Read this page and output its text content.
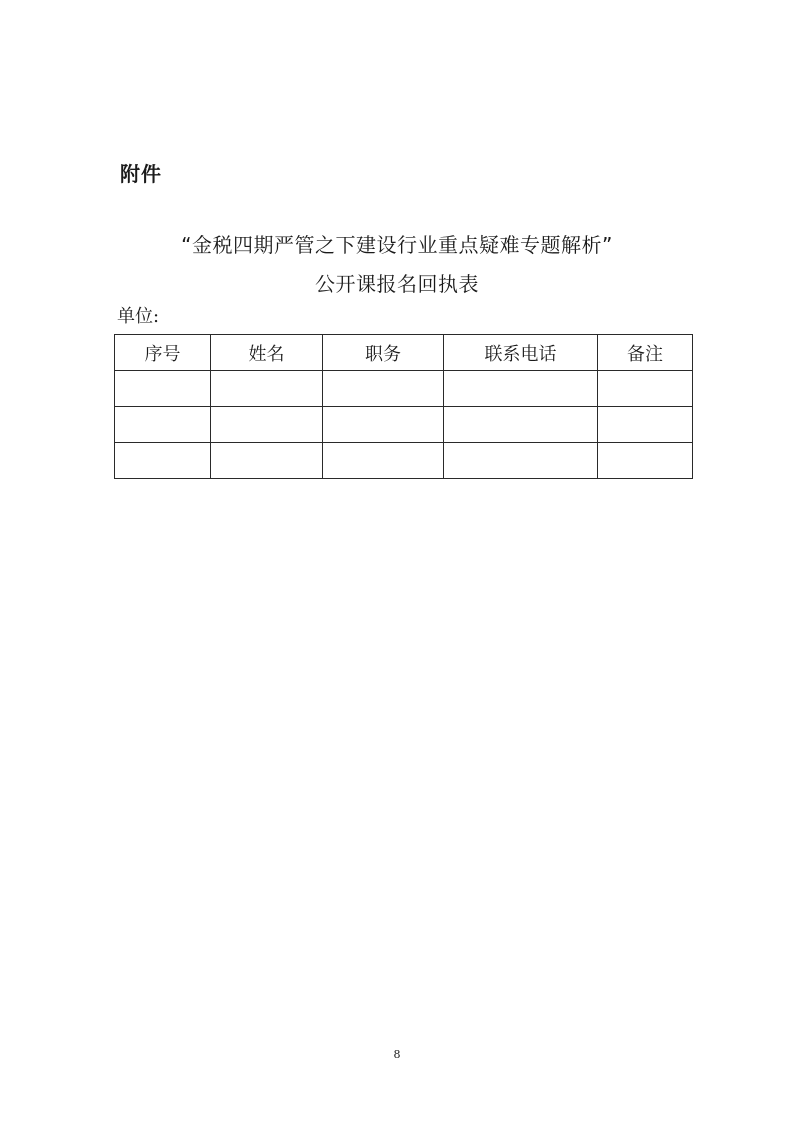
附件
“金税四期严管之下建设行业重点疑难专题解析”
公开课报名回执表
单位:
序号	姓名	职务	联系电话	备注

8
